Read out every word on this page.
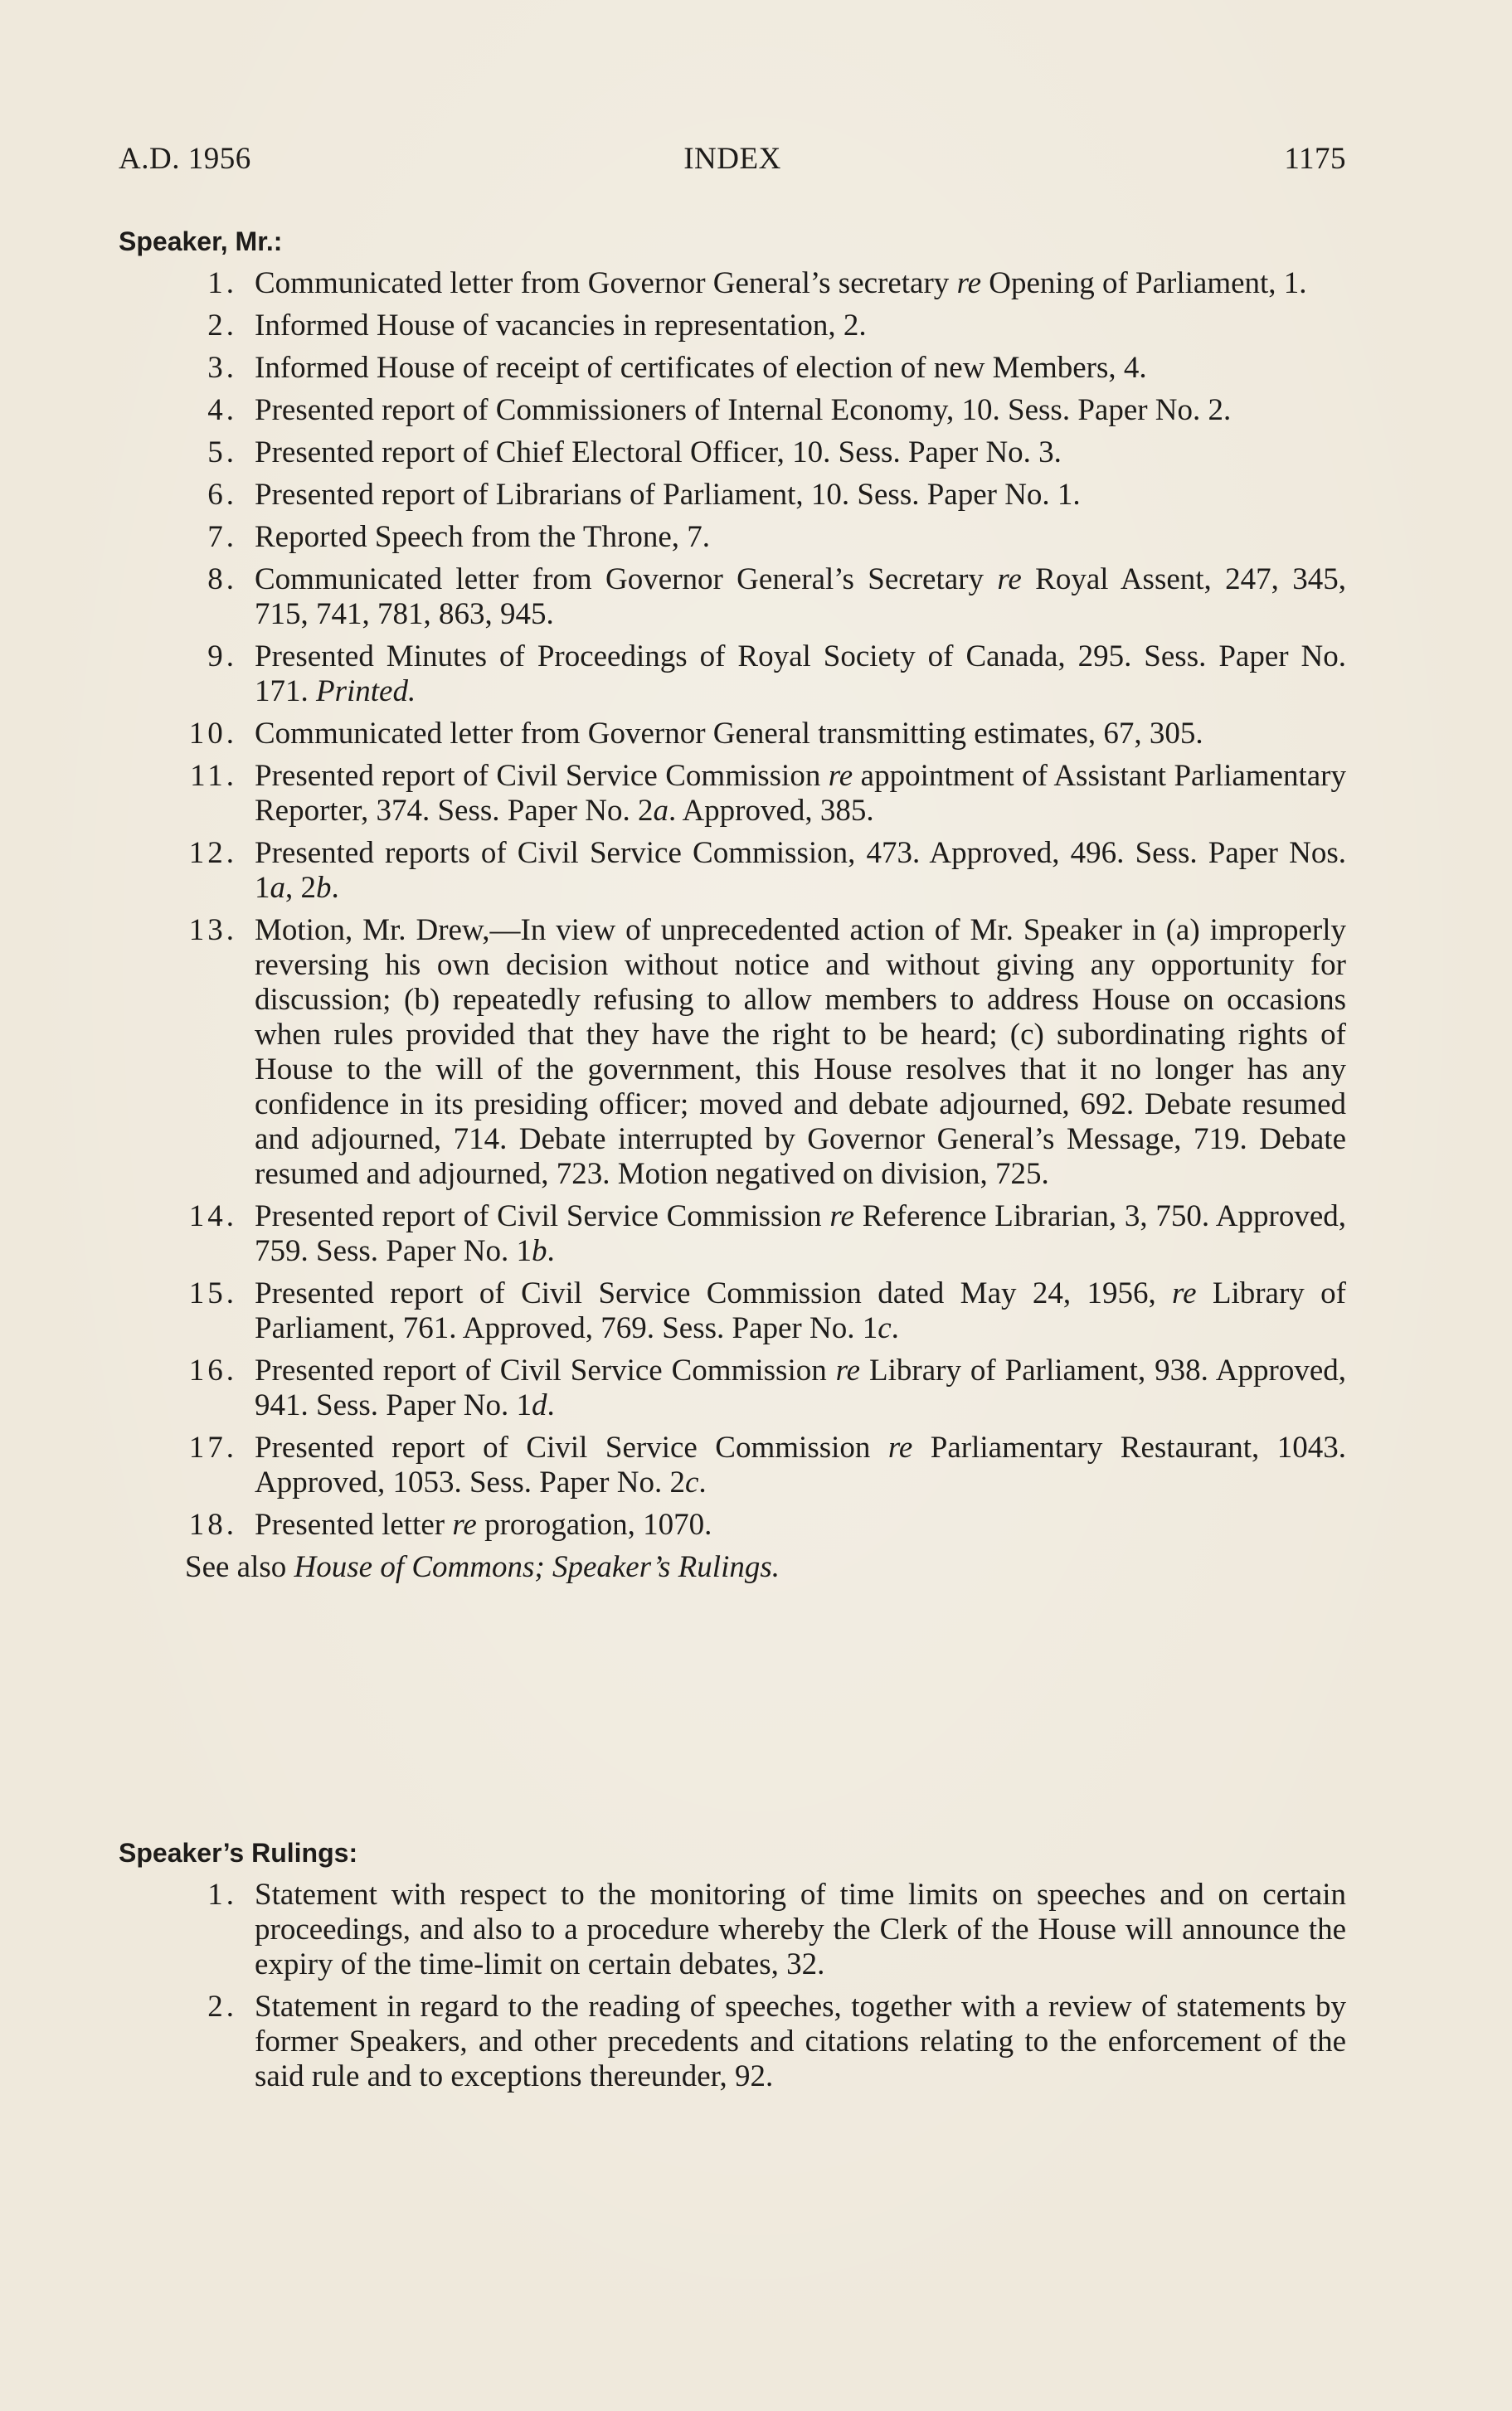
A.D. 1956	INDEX	1175
Speaker, Mr.:
1. Communicated letter from Governor General’s secretary re Opening of Parliament, 1.
2. Informed House of vacancies in representation, 2.
3. Informed House of receipt of certificates of election of new Members, 4.
4. Presented report of Commissioners of Internal Economy, 10. Sess. Paper No. 2.
5. Presented report of Chief Electoral Officer, 10. Sess. Paper No. 3.
6. Presented report of Librarians of Parliament, 10. Sess. Paper No. 1.
7. Reported Speech from the Throne, 7.
8. Communicated letter from Governor General’s Secretary re Royal Assent, 247, 345, 715, 741, 781, 863, 945.
9. Presented Minutes of Proceedings of Royal Society of Canada, 295. Sess. Paper No. 171. Printed.
10. Communicated letter from Governor General transmitting estimates, 67, 305.
11. Presented report of Civil Service Commission re appointment of Assistant Parliamentary Reporter, 374. Sess. Paper No. 2a. Approved, 385.
12. Presented reports of Civil Service Commission, 473. Approved, 496. Sess. Paper Nos. 1a, 2b.
13. Motion, Mr. Drew,—In view of unprecedented action of Mr. Speaker in (a) improperly reversing his own decision without notice and without giving any opportunity for discussion; (b) repeatedly refusing to allow members to address House on occasions when rules provided that they have the right to be heard; (c) subordinating rights of House to the will of the government, this House resolves that it no longer has any confidence in its presiding officer; moved and debate adjourned, 692. Debate resumed and adjourned, 714. Debate interrupted by Governor General’s Message, 719. Debate resumed and adjourned, 723. Motion negatived on division, 725.
14. Presented report of Civil Service Commission re Reference Librarian, 3, 750. Approved, 759. Sess. Paper No. 1b.
15. Presented report of Civil Service Commission dated May 24, 1956, re Library of Parliament, 761. Approved, 769. Sess. Paper No. 1c.
16. Presented report of Civil Service Commission re Library of Parliament, 938. Approved, 941. Sess. Paper No. 1d.
17. Presented report of Civil Service Commission re Parliamentary Restaurant, 1043. Approved, 1053. Sess. Paper No. 2c.
18. Presented letter re prorogation, 1070.
See also House of Commons; Speaker’s Rulings.
Speaker’s Rulings:
1. Statement with respect to the monitoring of time limits on speeches and on certain proceedings, and also to a procedure whereby the Clerk of the House will announce the expiry of the time-limit on certain debates, 32.
2. Statement in regard to the reading of speeches, together with a review of statements by former Speakers, and other precedents and citations relating to the enforcement of the said rule and to exceptions thereunder, 92.
